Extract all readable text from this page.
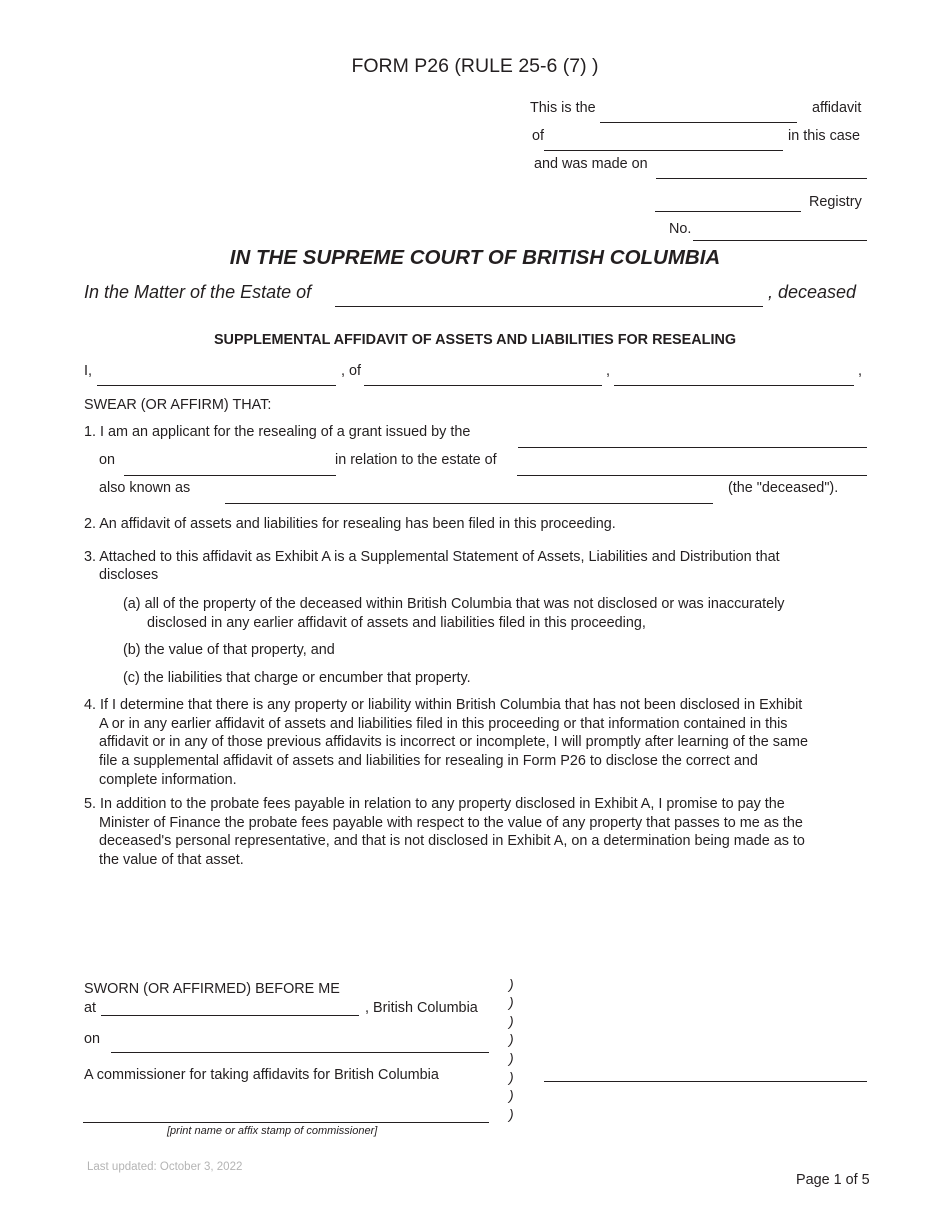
FORM P26 (RULE 25-6 (7) )
This is the	affidavit
of	in this case
and was made on
Registry
No.
IN THE SUPREME COURT OF BRITISH COLUMBIA
In the Matter of the Estate of	, deceased
SUPPLEMENTAL AFFIDAVIT OF ASSETS AND LIABILITIES FOR RESEALING
I,	, of	,	,
SWEAR (OR AFFIRM) THAT:
1. I am an applicant for the resealing of a grant issued by the
on	in relation to the estate of
also known as	(the "deceased").
2. An affidavit of assets and liabilities for resealing has been filed in this proceeding.
3. Attached to this affidavit as Exhibit A is a Supplemental Statement of Assets, Liabilities and Distribution that
discloses
(a) all of the property of the deceased within British Columbia that was not disclosed or was inaccurately
disclosed in any earlier affidavit of assets and liabilities filed in this proceeding,
(b) the value of that property, and
(c) the liabilities that charge or encumber that property.
4. If I determine that there is any property or liability within British Columbia that has not been disclosed in Exhibit
A or in any earlier affidavit of assets and liabilities filed in this proceeding or that information contained in this
affidavit or in any of those previous affidavits is incorrect or incomplete, I will promptly after learning of the same
file a supplemental affidavit of assets and liabilities for resealing in Form P26 to disclose the correct and
complete information.
5. In addition to the probate fees payable in relation to any property disclosed in Exhibit A, I promise to pay the
Minister of Finance the probate fees payable with respect to the value of any property that passes to me as the
deceased's personal representative, and that is not disclosed in Exhibit A, on a determination being made as to
the value of that asset.
SWORN (OR AFFIRMED) BEFORE ME
at	, British Columbia
on
A commissioner for taking affidavits for British Columbia
[print name or affix stamp of commissioner]
)
)
)
)
)
)
)
)
Last updated: October 3, 2022
Page 1 of 5
